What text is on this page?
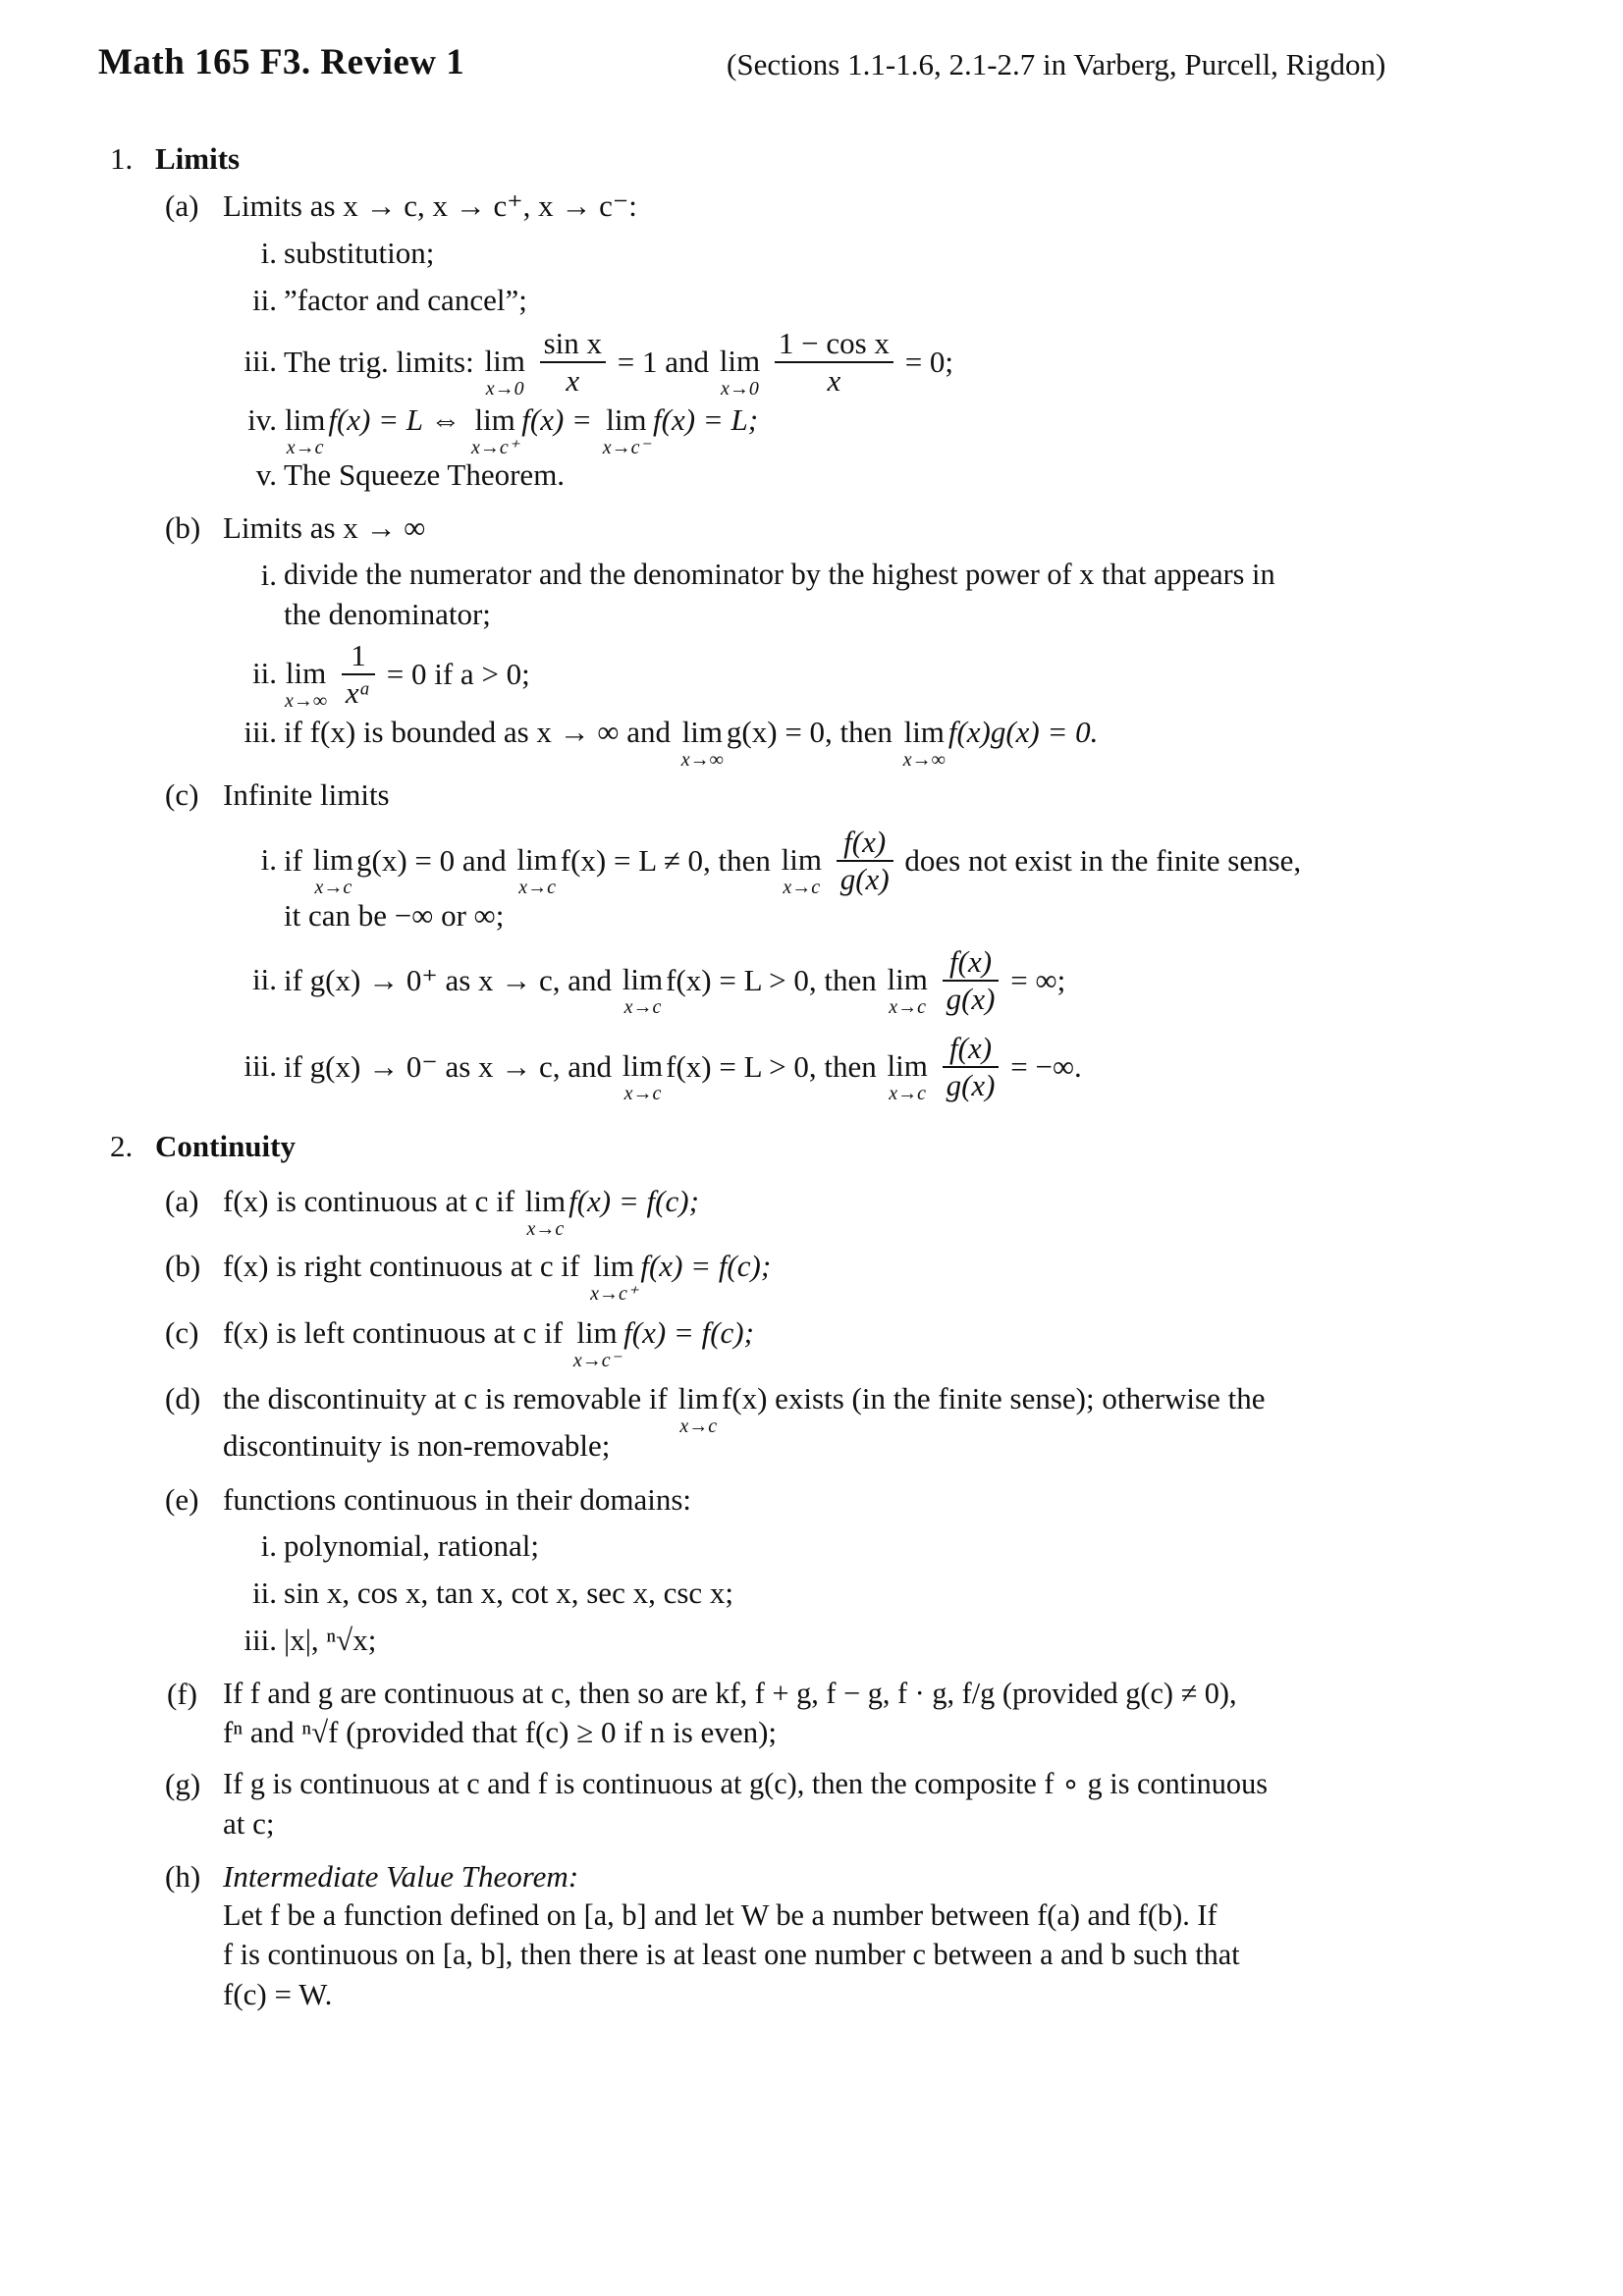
Math 165 F3. Review 1	(Sections 1.1-1.6, 2.1-2.7 in Varberg, Purcell, Rigdon)
1. Limits
(a) Limits as x → c, x → c⁺, x → c⁻:
i. substitution;
ii. ”factor and cancel”;
iii. The trig. limits: lim
x→0
$\frac{\text{sin x}}{x} = 1$ and lim
x→0
$\frac{\text{1 − cos x}}{x} = 0$;
iv. lim
x→c
f(x) = L ⇔ lim
x→c⁺
f(x) = lim
x→c⁻
f(x) = L;
v. The Squeeze Theorem.
(b) Limits as x → ∞
i. divide the numerator and the denominator by the highest power of x that appears in
the denominator;
ii. lim
x→∞
$\frac{1}{\text{xᵃ}} = 0$ if a > 0;
iii. if f(x) is bounded as x → ∞ and lim
x→∞
g(x) = 0, then lim
x→∞
f(x)g(x) = 0.
(c) Infinite limits
i. if lim
x→c
g(x) = 0 and lim
x→c
f(x) = L ≠ 0, then lim
x→c
$\frac{f(x)}{g(x)}$ does not exist in the finite sense,
it can be −∞ or ∞;
ii. if g(x) → 0⁺ as x → c, and lim
x→c
f(x) = L > 0, then lim
x→c
$\frac{f(x)}{g(x)}$ = ∞;
iii. if g(x) → 0⁻ as x → c, and lim
x→c
f(x) = L > 0, then lim
x→c
$\frac{f(x)}{g(x)}$ = −∞.
2. Continuity
(a) f(x) is continuous at c if lim
x→c
f(x) = f(c);
(b) f(x) is right continuous at c if lim
x→c⁺
f(x) = f(c);
(c) f(x) is left continuous at c if lim
x→c⁻
f(x) = f(c);
(d) the discontinuity at c is removable if lim
x→c
f(x) exists (in the finite sense); otherwise the
discontinuity is non-removable;
(e) functions continuous in their domains:
i. polynomial, rational;
ii. sin x, cos x, tan x, cot x, sec x, csc x;
iii. |x|, ⁿ√x;
(f) If f and g are continuous at c, then so are kf, f + g, f − g, f · g, f/g (provided g(c) ≠ 0),
fⁿ and ⁿ√f (provided that f(c) ≥ 0 if n is even);
(g) If g is continuous at c and f is continuous at g(c), then the composite f ∘ g is continuous
at c;
(h) Intermediate Value Theorem:
Let f be a function defined on [a, b] and let W be a number between f(a) and f(b). If
f is continuous on [a, b], then there is at least one number c between a and b such that
f(c) = W.
